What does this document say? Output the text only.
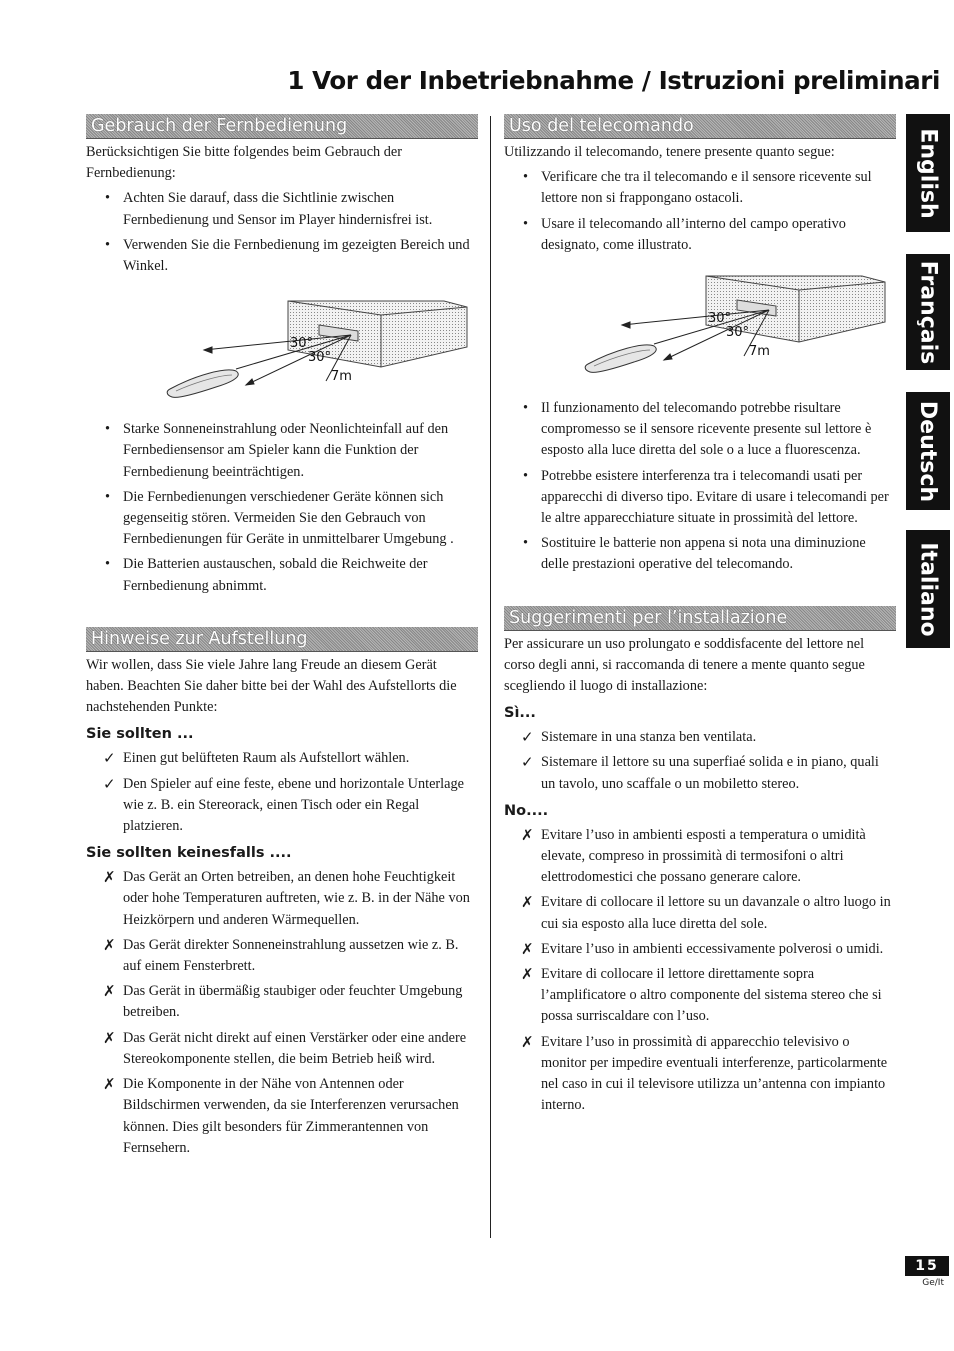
1 Vor der Inbetriebnahme / Istruzioni preliminari
Gebrauch der Fernbedienung

Berücksichtigen Sie bitte folgendes beim Gebrauch der Fernbedienung:

• Achten Sie darauf, dass die Sichtlinie zwischen Fernbedienung und Sensor im Player hindernisfrei ist.
• Verwenden Sie die Fernbedienung im gezeigten Bereich und Winkel.
30°
30°
7m
• Starke Sonneneinstrahlung oder Neonlichteinfall auf den Fernbediensensor am Spieler kann die Funktion der Fernbedienung beeinträchtigen.
• Die Fernbedienungen verschiedener Geräte können sich gegenseitig stören. Vermeiden Sie den Gebrauch von Fernbedienungen für Geräte in unmittelbarer Umgebung .
• Die Batterien austauschen, sobald die Reichweite der Fernbedienung abnimmt.
Hinweise zur Aufstellung

Wir wollen, dass Sie viele Jahre lang Freude an diesem Gerät haben. Beachten Sie daher bitte bei der Wahl des Aufstellorts die nachstehenden Punkte:

Sie sollten ...
✓ Einen gut belüfteten Raum als Aufstellort wählen.
✓ Den Spieler auf eine feste, ebene und horizontale Unterlage wie z. B. ein Stereorack, einen Tisch oder ein Regal platzieren.
Sie sollten keinesfalls ....
✗ Das Gerät an Orten betreiben, an denen hohe Feuchtigkeit oder hohe Temperaturen auftreten, wie z. B. in der Nähe von Heizkörpern und anderen Wärmequellen.
✗ Das Gerät direkter Sonneneinstrahlung aussetzen wie z. B. auf einem Fensterbrett.
✗ Das Gerät in übermäßig staubiger oder feuchter Umgebung betreiben.
✗ Das Gerät nicht direkt auf einen Verstärker oder eine andere Stereokomponente stellen, die beim Betrieb heiß wird.
✗ Die Komponente in der Nähe von Antennen oder Bildschirmen verwenden, da sie Interferenzen verursachen können. Dies gilt besonders für Zimmerantennen von Fernsehern.
Uso del telecomando

Utilizzando il telecomando, tenere presente quanto segue:

• Verificare che tra il telecomando e il sensore ricevente sul lettore non si frappongano ostacoli.
• Usare il telecomando all’interno del campo operativo designato, come illustrato.
30°
30°
7m
• Il funzionamento del telecomando potrebbe risultare compromesso se il sensore ricevente presente sul lettore è esposto alla luce diretta del sole o a luce a fluorescenza.
• Potrebbe esistere interferenza tra i telecomandi usati per apparecchi di diverso tipo. Evitare di usare i telecomandi per le altre apparecchiature situate in prossimità del lettore.
• Sostituire le batterie non appena si nota una diminuzione delle prestazioni operative del telecomando.
Suggerimenti per l’installazione

Per assicurare un uso prolungato e soddisfacente del lettore nel corso degli anni, si raccomanda di tenere a mente quanto segue scegliendo il luogo di installazione:

Sì...
✓ Sistemare in una stanza ben ventilata.
✓ Sistemare il lettore su una superfiaé solida e in piano, quali un tavolo, uno scaffale o un mobiletto stereo.
No....
✗ Evitare l’uso in ambienti esposti a temperatura o umidità elevate, compreso in prossimità di termosifoni o altri elettrodomestici che possano generare calore.
✗ Evitare di collocare il lettore su un davanzale o altro luogo in cui sia esposto alla luce diretta del sole.
✗ Evitare l’uso in ambienti eccessivamente polverosi o umidi.
✗ Evitare di collocare il lettore direttamente sopra l’amplificatore o altro componente del sistema stereo che si possa surriscaldare con l’uso.
✗ Evitare l’uso in prossimità di apparecchio televisivo o monitor per impedire eventuali interferenze, particolarmente nel caso in cui il televisore utilizza un’antenna con impianto interno.
English
Français
Deutsch
Italiano
15
Ge/It
